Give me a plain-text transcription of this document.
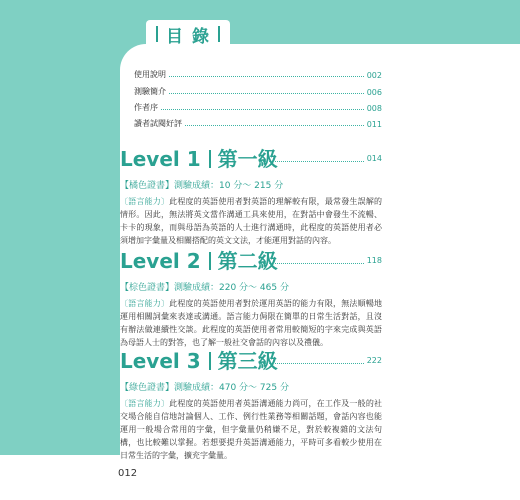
目 錄
使用說明	002
測驗簡介	006
作者序	008
讀者試閱好評	011
Level 1 第一級	014
【橘色證書】測驗成績：10 分～ 215 分
〔語言能力〕此程度的英語使用者對英語的理解較有限，最常發生誤解的情形。因此，無法將英文當作溝通工具來使用，在對話中會發生不流暢、卡卡的現象，而與母語為英語的人士進行溝通時，此程度的英語使用者必須增加字彙量及相關搭配的英文文法，才能運用對話的內容。
Level 2 第二級	118
【棕色證書】測驗成績：220 分～ 465 分
〔語言能力〕此程度的英語使用者對於運用英語的能力有限，無法順暢地運用相關詞彙來表達或溝通。語言能力侷限在簡單的日常生活對話，且沒有辦法做連續性交談。此程度的英語使用者常用較簡短的字來完成與英語為母語人士的對答，也了解一般社交會話的內容以及禮儀。
Level 3 第三級	222
【綠色證書】測驗成績：470 分～ 725 分
〔語言能力〕此程度的英語使用者英語溝通能力尚可，在工作及一般的社交場合能自信地討論個人、工作、例行性業務等相關話題，會話內容也能運用一般場合常用的字彙，但字彙量仍稍嫌不足，對於較複雜的文法句構，也比較難以掌握。若想要提升英語溝通能力，平時可多看較少使用在日常生活的字彙，擴充字彙量。
012
